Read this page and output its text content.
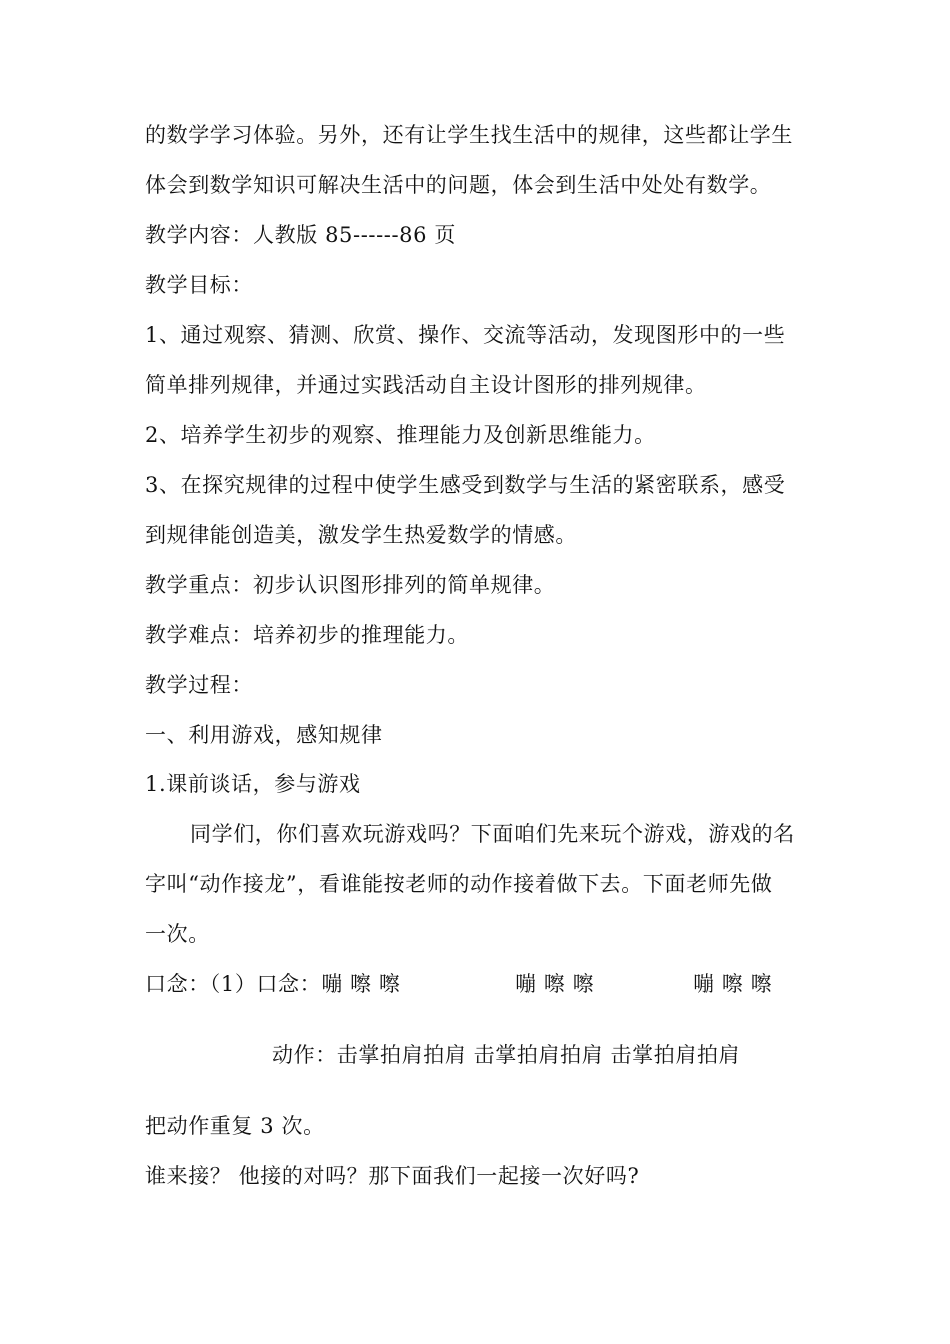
的数学学习体验。另外，还有让学生找生活中的规律，这些都让学生
体会到数学知识可解决生活中的问题，体会到生活中处处有数学。
教学内容：人教版 85------86 页
教学目标：
1、通过观察、猜测、欣赏、操作、交流等活动，发现图形中的一些
简单排列规律，并通过实践活动自主设计图形的排列规律。
2、培养学生初步的观察、推理能力及创新思维能力。
3、在探究规律的过程中使学生感受到数学与生活的紧密联系，感受
到规律能创造美，激发学生热爱数学的情感。
教学重点：初步认识图形排列的简单规律。
教学难点：培养初步的推理能力。
教学过程：
一、利用游戏，感知规律
1.课前谈话，参与游戏
同学们，你们喜欢玩游戏吗？下面咱们先来玩个游戏，游戏的名
字叫“动作接龙”，看谁能按老师的动作接着做下去。下面老师先做
一次。
口念：（1）口念：嘣 嚓 嚓	嘣 嚓 嚓	嘣 嚓 嚓
动作：击掌拍肩拍肩 击掌拍肩拍肩 击掌拍肩拍肩
把动作重复 3 次。
谁来接？ 他接的对吗？那下面我们一起接一次好吗?
